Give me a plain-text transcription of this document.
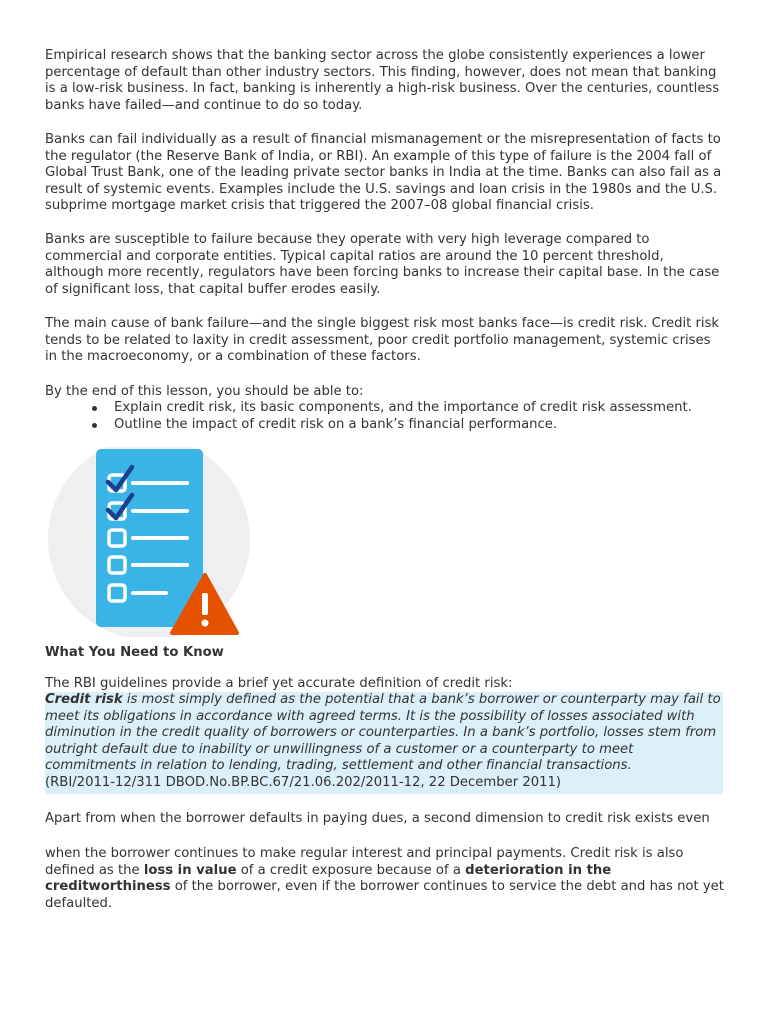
Empirical research shows that the banking sector across the globe consistently experiences a lower percentage of default than other industry sectors. This finding, however, does not mean that banking is a low-risk business. In fact, banking is inherently a high-risk business. Over the centuries, countless banks have failed—and continue to do so today.

Banks can fail individually as a result of financial mismanagement or the misrepresentation of facts to the regulator (the Reserve Bank of India, or RBI). An example of this type of failure is the 2004 fall of Global Trust Bank, one of the leading private sector banks in India at the time. Banks can also fail as a result of systemic events. Examples include the U.S. savings and loan crisis in the 1980s and the U.S. subprime mortgage market crisis that triggered the 2007–08 global financial crisis.

Banks are susceptible to failure because they operate with very high leverage compared to commercial and corporate entities. Typical capital ratios are around the 10 percent threshold, although more recently, regulators have been forcing banks to increase their capital base. In the case of significant loss, that capital buffer erodes easily.

The main cause of bank failure—and the single biggest risk most banks face—is credit risk. Credit risk tends to be related to laxity in credit assessment, poor credit portfolio management, systemic crises in the macroeconomy, or a combination of these factors.

By the end of this lesson, you should be able to:

Explain credit risk, its basic components, and the importance of credit risk assessment.
Outline the impact of credit risk on a bank’s financial performance.
What You Need to Know

The RBI guidelines provide a brief yet accurate definition of credit risk:

Credit risk is most simply defined as the potential that a bank’s borrower or counterparty may fail to meet its obligations in accordance with agreed terms. It is the possibility of losses associated with diminution in the credit quality of borrowers or counterparties. In a bank’s portfolio, losses stem from outright default due to inability or unwillingness of a customer or a counterparty to meet commitments in relation to lending, trading, settlement and other financial transactions.

(RBI/2011-12/311 DBOD.No.BP.BC.67/21.06.202/2011-12, 22 December 2011)

Apart from when the borrower defaults in paying dues, a second dimension to credit risk exists even

when the borrower continues to make regular interest and principal payments. Credit risk is also defined as the loss in value of a credit exposure because of a deterioration in the creditworthiness of the borrower, even if the borrower continues to service the debt and has not yet defaulted.
